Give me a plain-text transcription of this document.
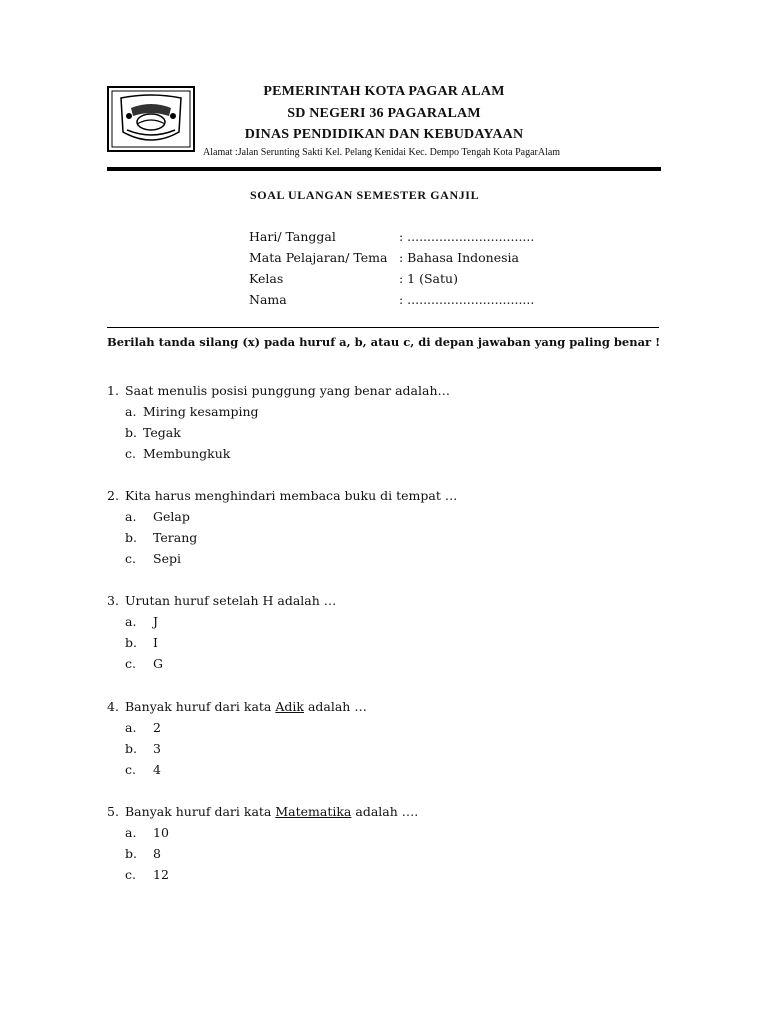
PEMERINTAH KOTA PAGAR ALAM
SD NEGERI 36 PAGARALAM
DINAS PENDIDIKAN DAN KEBUDAYAAN
Alamat :Jalan Serunting Sakti Kel. Pelang Kenidai Kec. Dempo Tengah Kota PagarAlam
SOAL ULANGAN SEMESTER GANJIL
Hari/ Tanggal	: ................................
Mata Pelajaran/ Tema : Bahasa Indonesia
Kelas	: 1 (Satu)
Nama	: ................................
Berilah tanda silang (x) pada huruf a, b, atau c, di depan jawaban yang paling benar !
1. Saat menulis posisi punggung yang benar adalah…
a. Miring kesamping
b. Tegak
c. Membungkuk
2. Kita harus menghindari membaca buku di tempat …
a. Gelap
b. Terang
c. Sepi
3. Urutan huruf setelah H adalah …
a. J
b. I
c. G
4. Banyak huruf dari kata Adik adalah …
a. 2
b. 3
c. 4
5. Banyak huruf dari kata Matematika adalah ….
a. 10
b. 8
c. 12
